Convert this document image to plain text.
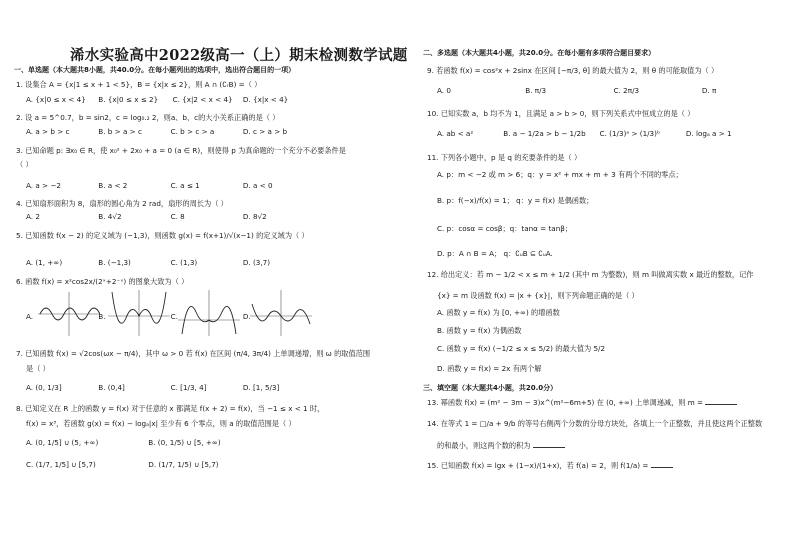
浠水实验高中2022级高一（上）期末检测数学试题
一、单选题（本大题共8小题，共40.0分。在每小题列出的选项中，选出符合题目的一项）
1. 设集合 A = {x|1 ≤ x + 1 < 5}，B = {x|x ≤ 2}，则 A ∩ (∁ᵣB) =（ ）
A. {x|0 ≤ x < 4} B. {x|0 ≤ x ≤ 2} C. {x|2 < x < 4} D. {x|x < 4}
2. 设 a = 5^0.7，b = sin2，c = log₀.₂ 2，则a、b、c的大小关系正确的是（ ）
A. a > b > c	B. b > a > c	C. b > c > a	D. c > a > b
3. 已知命题 p: ∃x₀ ∈ R，使 x₀² + 2x₀ + a = 0 (a ∈ R)，则使得 p 为真命题的一个充分不必要条件是
（ ）
A. a > −2	B. a < 2	C. a ≤ 1	D. a < 0
4. 已知扇形面积为 8，扇形的圆心角为 2 rad，扇形的周长为（ ）
A. 2	B. 4√2	C. 8	D. 8√2
5. 已知函数 f(x − 2) 的定义域为 (−1,3)，则函数 g(x) = f(x+1)/√(x−1) 的定义域为（ ）
A. (1, +∞)	B. (−1,3)	C. (1,3)	D. (3,7)
6. 函数 f(x) = x²cos2x/(2ˣ+2⁻ˣ) 的图象大致为（ ）
A.	B.	C.	D.
7. 已知函数 f(x) = √2cos(ωx − π/4)，其中 ω > 0 若 f(x) 在区间 (π/4, 3π/4) 上单调递增，则 ω 的取值范围
是（ ）
A. (0, 1/3]	B. (0,4]	C. [1/3, 4]	D. [1, 5/3]
8. 已知定义在 R 上的函数 y = f(x) 对于任意的 x 都满足 f(x + 2) = f(x)，当 −1 ≤ x < 1 时，
f(x) = x³，若函数 g(x) = f(x) − logₐ|x| 至少有 6 个零点，则 a 的取值范围是（ ）
A. (0, 1/5] ∪ (5, +∞)	B. (0, 1/5) ∪ [5, +∞)
C. (1/7, 1/5] ∪ [5,7)	D. (1/7, 1/5) ∪ [5,7)
二、多选题（本大题共4小题，共20.0分。在每小题有多项符合题目要求）
9. 若函数 f(x) = cos²x + 2sinx 在区间 [−π/3, θ] 的最大值为 2，则 θ 的可能取值为（ ）
A. 0	B. π/3	C. 2π/3	D. π
10. 已知实数 a，b 均不为 1，且满足 a > b > 0，则下列关系式中恒成立的是（ ）
A. ab < a²	B. a − 1/2a > b − 1/2b C. (1/3)ᵃ > (1/3)ᵇ	D. logₐ a > 1
11. 下列各小题中，p 是 q 的充要条件的是（ ）
A. p：m < −2 或 m > 6；q：y = x² + mx + m + 3 有两个不同的零点；
B. p：f(−x)/f(x) = 1； q：y = f(x) 是偶函数；
C. p：cosα = cosβ；q：tanα = tanβ；
D. p：A ∩ B = A； q：∁ᵤB ⊆ ∁ᵤA.
12. 给出定义：若 m − 1/2 < x ≤ m + 1/2 (其中 m 为整数)，则 m 叫做离实数 x 最近的整数，记作
{x} = m 设函数 f(x) = |x + {x}|，则下列命题正确的是（ ）
A. 函数 y = f(x) 为 [0, +∞) 的增函数
B. 函数 y = f(x) 为偶函数
C. 函数 y = f(x) (−1/2 ≤ x ≤ 5/2) 的最大值为 5/2
D. 函数 y = f(x) = 2x 有两个解
三、填空题（本大题共4小题，共20.0分）
13. 幂函数 f(x) = (m² − 3m − 3)x^(m²−6m+5) 在 (0, +∞) 上单调递减，则 m =
14. 在等式 1 = □/a + 9/b 的等号右侧两个分数的分母方块处，各填上一个正整数，并且使这两个正整数
的和最小，则这两个数的积为
15. 已知函数 f(x) = lgx + (1−x)/(1+x)，若 f(a) = 2，则 f(1/a) =
